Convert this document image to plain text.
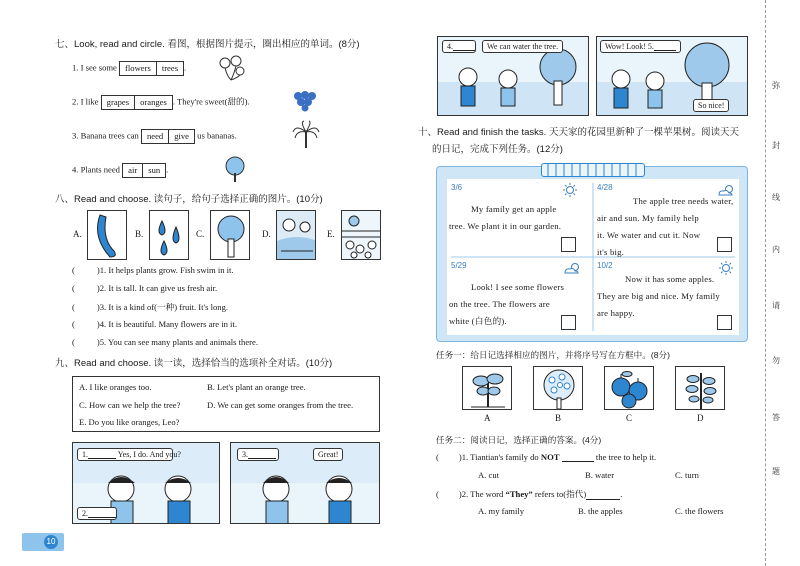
七、Look, read and circle. 看图，根据图片提示，圈出相应的单词。(8分)
1. I see some flowers	trees .
2. I like grapes	oranges . They're sweet(甜的).
3. Banana trees can need	give us bananas.
4. Plants need air	sun .
八、Read and choose. 读句子，给句子选择正确的图片。(10分)
A.	B.	C.	D.	E.
(	)1. It helps plants grow. Fish swim in it.
(	)2. It is tall. It can give us fresh air.
(	)3. It is a kind of(一种) fruit. It's long.
(	)4. It is beautiful. Many flowers are in it.
(	)5. You can see many plants and animals there.
九、Read and choose. 读一读，选择恰当的选项补全对话。(10分)
A. I like oranges too.	B. Let's plant an orange tree.
C. How can we help the tree?	D. We can get some oranges from the tree.
E. Do you like oranges, Leo?
1.	Yes, I do. And you?
2.
3.	Great!
10
4.	We can water the tree.	Wow! Look! 5.
So nice!
十、Read and finish the tasks. 天天家的花园里新种了一棵苹果树。阅读天天
的日记，完成下列任务。(12分)
3/6
My family get an apple
tree. We plant it in our garden.
4/28
The apple tree needs water,
air and sun. My family help
it. We water and cut it. Now
it's big.
5/29
Look! I see some flowers
on the tree. The flowers are
white (白色的).
10/2
Now it has some apples.
They are big and nice. My family
are happy.
任务一：给日记选择相应的图片，并将序号写在方框中。(8分)
A	B	C	D
任务二：阅读日记，选择正确的答案。(4分)
( )1. Tiantian's family do NOT	the tree to help it.
A. cut	B. water	C. turn
( )2. The word “They” refers to(指代)	.
A. my family	B. the apples	C. the flowers
弥
封
线
内
请
勿
答
题
